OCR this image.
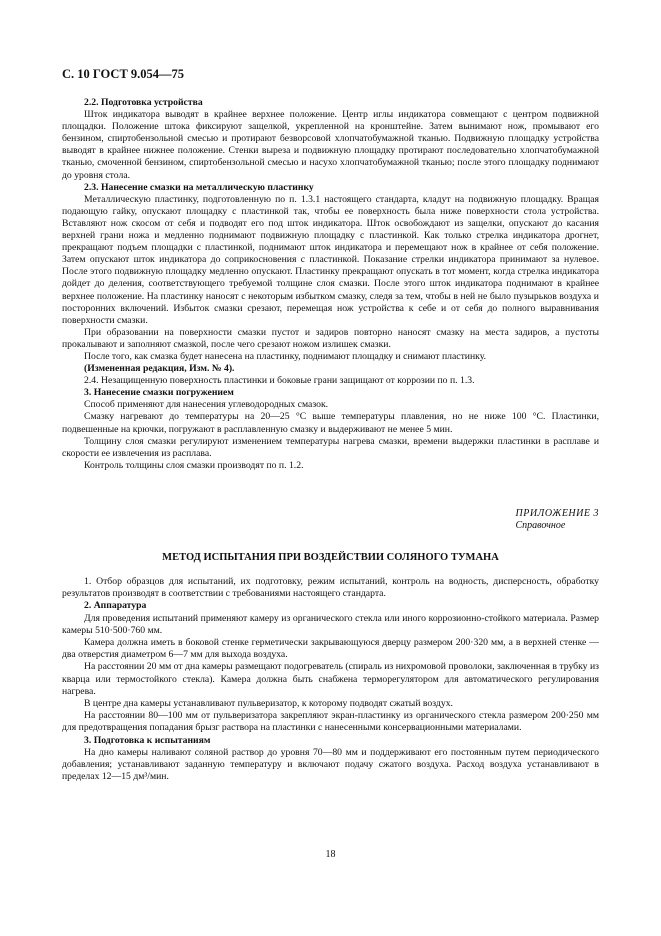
С. 10 ГОСТ 9.054—75

2.2. Подготовка устройства

Шток индикатора выводят в крайнее верхнее положение. Центр иглы индикатора совмещают с центром подвижной площадки. Положение штока фиксируют защелкой, укрепленной на кронштейне. Затем вынимают нож, промывают его бензином, спиртобензольной смесью и протирают безворсовой хлопчатобумажной тканью. Подвижную площадку устройства выводят в крайнее нижнее положение. Стенки выреза и подвижную площадку протирают последовательно хлопчатобумажной тканью, смоченной бензином, спиртобензольной смесью и насухо хлопчатобумажной тканью; после этого площадку поднимают до уровня стола.

2.3. Нанесение смазки на металлическую пластинку

Металлическую пластинку, подготовленную по п. 1.3.1 настоящего стандарта, кладут на подвижную площадку. Вращая подающую гайку, опускают площадку с пластинкой так, чтобы ее поверхность была ниже поверхности стола устройства. Вставляют нож скосом от себя и подводят его под шток индикатора. Шток освобождают из защелки, опускают до касания верхней грани ножа и медленно поднимают подвижную площадку с пластинкой. Как только стрелка индикатора дрогнет, прекращают подъем площадки с пластинкой, поднимают шток индикатора и перемещают нож в крайнее от себя положение. Затем опускают шток индикатора до соприкосновения с пластинкой. Показание стрелки индикатора принимают за нулевое. После этого подвижную площадку медленно опускают. Пластинку прекращают опускать в тот момент, когда стрелка индикатора дойдет до деления, соответствующего требуемой толщине слоя смазки. После этого шток индикатора поднимают в крайнее верхнее положение. На пластинку наносят с некоторым избытком смазку, следя за тем, чтобы в ней не было пузырьков воздуха и посторонних включений. Избыток смазки срезают, перемещая нож устройства к себе и от себя до полного выравнивания поверхности смазки.

При образовании на поверхности смазки пустот и задиров повторно наносят смазку на места задиров, а пустоты прокалывают и заполняют смазкой, после чего срезают ножом излишек смазки.

После того, как смазка будет нанесена на пластинку, поднимают площадку и снимают пластинку.

(Измененная редакция, Изм. № 4).

2.4. Незащищенную поверхность пластинки и боковые грани защищают от коррозии по п. 1.3.

3. Нанесение смазки погружением

Способ применяют для нанесения углеводородных смазок.

Смазку нагревают до температуры на 20—25 °С выше температуры плавления, но не ниже 100 °С. Пластинки, подвешенные на крючки, погружают в расплавленную смазку и выдерживают не менее 5 мин.

Толщину слоя смазки регулируют изменением температуры нагрева смазки, времени выдержки пластинки в расплаве и скорости ее извлечения из расплава.

Контроль толщины слоя смазки производят по п. 1.2.

ПРИЛОЖЕНИЕ 3
Справочное
МЕТОД ИСПЫТАНИЯ ПРИ ВОЗДЕЙСТВИИ СОЛЯНОГО ТУМАНА

1. Отбор образцов для испытаний, их подготовку, режим испытаний, контроль на водность, дисперсность, обработку результатов производят в соответствии с требованиями настоящего стандарта.

2. Аппаратура

Для проведения испытаний применяют камеру из органического стекла или иного коррозионно-стойкого материала. Размер камеры 510·500·760 мм.

Камера должна иметь в боковой стенке герметически закрывающуюся дверцу размером 200·320 мм, а в верхней стенке — два отверстия диаметром 6—7 мм для выхода воздуха.

На расстоянии 20 мм от дна камеры размещают подогреватель (спираль из нихромовой проволоки, заключенная в трубку из кварца или термостойкого стекла). Камера должна быть снабжена терморегулятором для автоматического регулирования нагрева.

В центре дна камеры устанавливают пульверизатор, к которому подводят сжатый воздух.

На расстоянии 80—100 мм от пульверизатора закрепляют экран-пластинку из органического стекла размером 200·250 мм для предотвращения попадания брызг раствора на пластинки с нанесенными консервационными материалами.

3. Подготовка к испытаниям

На дно камеры наливают соляной раствор до уровня 70—80 мм и поддерживают его постоянным путем периодического добавления; устанавливают заданную температуру и включают подачу сжатого воздуха. Расход воздуха устанавливают в пределах 12—15 дм³/мин.

18
